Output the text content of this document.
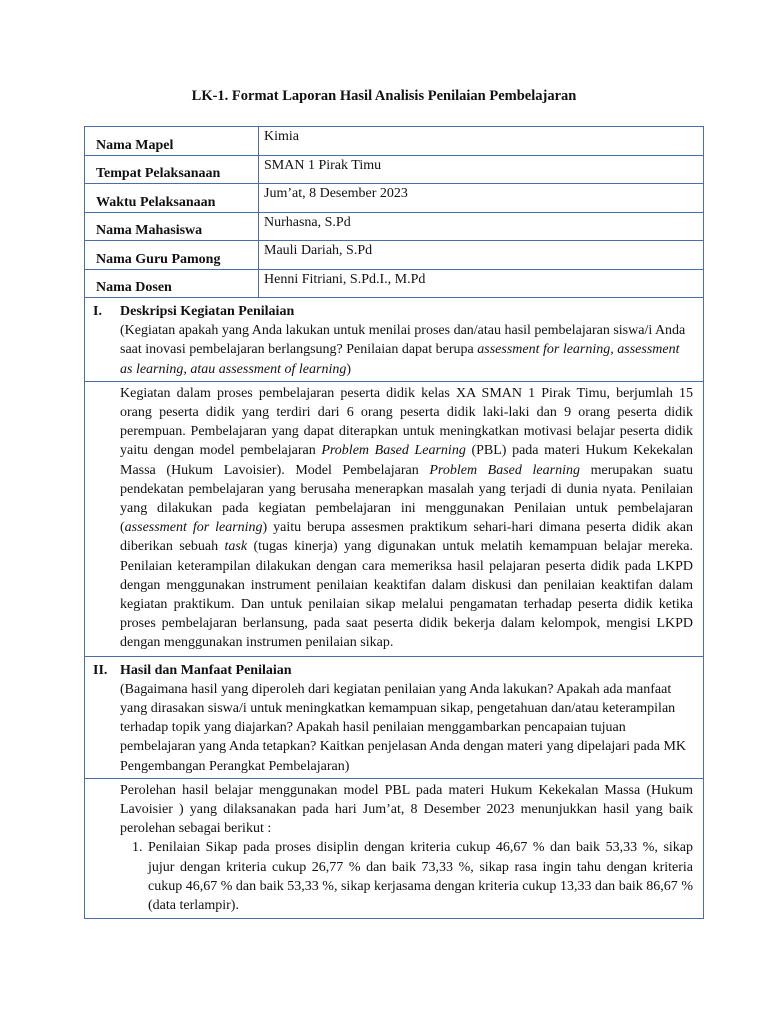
LK-1. Format Laporan Hasil Analisis Penilaian Pembelajaran
Nama Mapel	Kimia
Tempat Pelaksanaan	SMAN 1 Pirak Timu
Waktu Pelaksanaan	Jum’at, 8 Desember 2023
Nama Mahasiswa	Nurhasna, S.Pd
Nama Guru Pamong	Mauli Dariah, S.Pd
Nama Dosen	Henni Fitriani, S.Pd.I., M.Pd
I.	Deskripsi Kegiatan Penilaian
(Kegiatan apakah yang Anda lakukan untuk menilai proses dan/atau hasil pembelajaran siswa/i Anda saat inovasi pembelajaran berlangsung? Penilaian dapat berupa assessment for learning, assessment as learning, atau assessment of learning)

Kegiatan dalam proses pembelajaran peserta didik kelas XA SMAN 1 Pirak Timu, berjumlah 15 orang peserta didik yang terdiri dari 6 orang peserta didik laki-laki dan 9 orang peserta didik perempuan. Pembelajaran yang dapat diterapkan untuk meningkatkan motivasi belajar peserta didik yaitu dengan model pembelajaran Problem Based Learning (PBL) pada materi Hukum Kekekalan Massa (Hukum Lavoisier). Model Pembelajaran Problem Based learning merupakan suatu pendekatan pembelajaran yang berusaha menerapkan masalah yang terjadi di dunia nyata. Penilaian yang dilakukan pada kegiatan pembelajaran ini menggunakan Penilaian untuk pembelajaran (assessment for learning) yaitu berupa assesmen praktikum sehari-hari dimana peserta didik akan diberikan sebuah task (tugas kinerja) yang digunakan untuk melatih kemampuan belajar mereka. Penilaian keterampilan dilakukan dengan cara memeriksa hasil pelajaran peserta didik pada LKPD dengan menggunakan instrument penilaian keaktifan dalam diskusi dan penilaian keaktifan dalam kegiatan praktikum. Dan untuk penilaian sikap melalui pengamatan terhadap peserta didik ketika proses pembelajaran berlansung, pada saat peserta didik bekerja dalam kelompok, mengisi LKPD dengan menggunakan instrumen penilaian sikap.

II. Hasil dan Manfaat Penilaian
(Bagaimana hasil yang diperoleh dari kegiatan penilaian yang Anda lakukan? Apakah ada manfaat yang dirasakan siswa/i untuk meningkatkan kemampuan sikap, pengetahuan dan/atau keterampilan terhadap topik yang diajarkan? Apakah hasil penilaian menggambarkan pencapaian tujuan pembelajaran yang Anda tetapkan? Kaitkan penjelasan Anda dengan materi yang dipelajari pada MK Pengembangan Perangkat Pembelajaran)

Perolehan hasil belajar menggunakan model PBL pada materi Hukum Kekekalan Massa (Hukum Lavoisier ) yang dilaksanakan pada hari Jum’at, 8 Desember 2023 menunjukkan hasil yang baik perolehan sebagai berikut :

1. Penilaian Sikap pada proses disiplin dengan kriteria cukup 46,67 % dan baik 53,33 %, sikap jujur dengan kriteria cukup 26,77 % dan baik 73,33 %, sikap rasa ingin tahu dengan kriteria cukup 46,67 % dan baik 53,33 %, sikap kerjasama dengan kriteria cukup 13,33 dan baik 86,67 % (data terlampir).
